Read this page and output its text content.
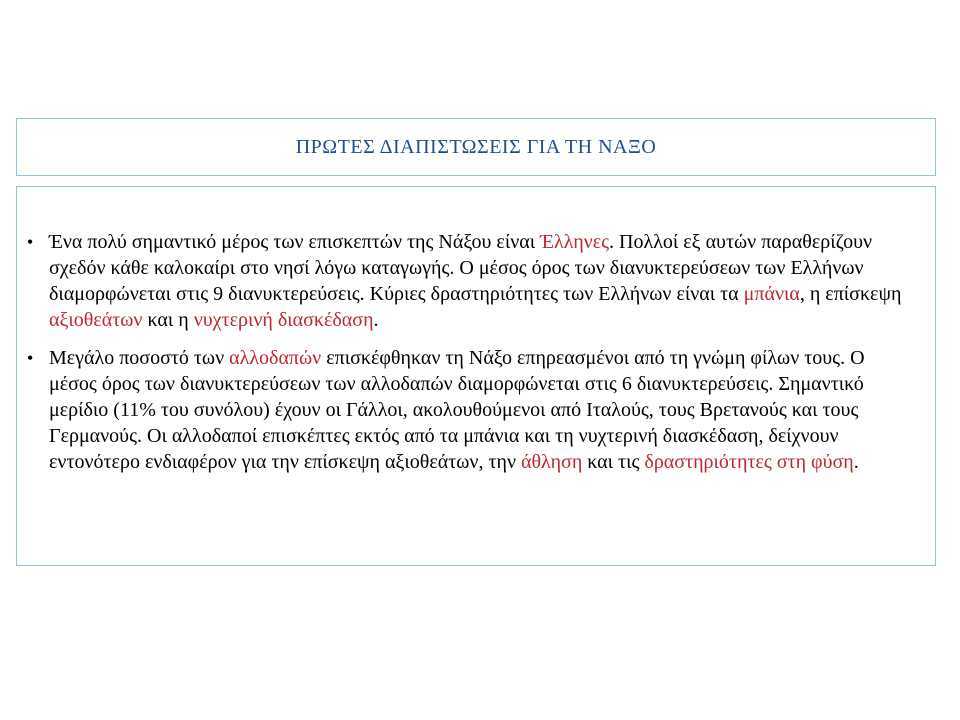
ΠΡΩΤΕΣ ΔΙΑΠΙΣΤΩΣΕΙΣ ΓΙΑ ΤΗ ΝΑΞΟ
• Ένα πολύ σημαντικό μέρος των επισκεπτών της Νάξου είναι Έλληνες. Πολλοί εξ αυτών παραθερίζουν σχεδόν κάθε καλοκαίρι στο νησί λόγω καταγωγής. Ο μέσος όρος των διανυκτερεύσεων των Ελλήνων διαμορφώνεται στις 9 διανυκτερεύσεις. Κύριες δραστηριότητες των Ελλήνων είναι τα μπάνια, η επίσκεψη αξιοθεάτων και η νυχτερινή διασκέδαση.
• Μεγάλο ποσοστό των αλλοδαπών επισκέφθηκαν τη Νάξο επηρεασμένοι από τη γνώμη φίλων τους. Ο μέσος όρος των διανυκτερεύσεων των αλλοδαπών διαμορφώνεται στις 6 διανυκτερεύσεις. Σημαντικό μερίδιο (11% του συνόλου) έχουν οι Γάλλοι, ακολουθούμενοι από Ιταλούς, τους Βρετανούς και τους Γερμανούς. Οι αλλοδαποί επισκέπτες εκτός από τα μπάνια και τη νυχτερινή διασκέδαση, δείχνουν εντονότερο ενδιαφέρον για την επίσκεψη αξιοθεάτων, την άθληση και τις δραστηριότητες στη φύση.
